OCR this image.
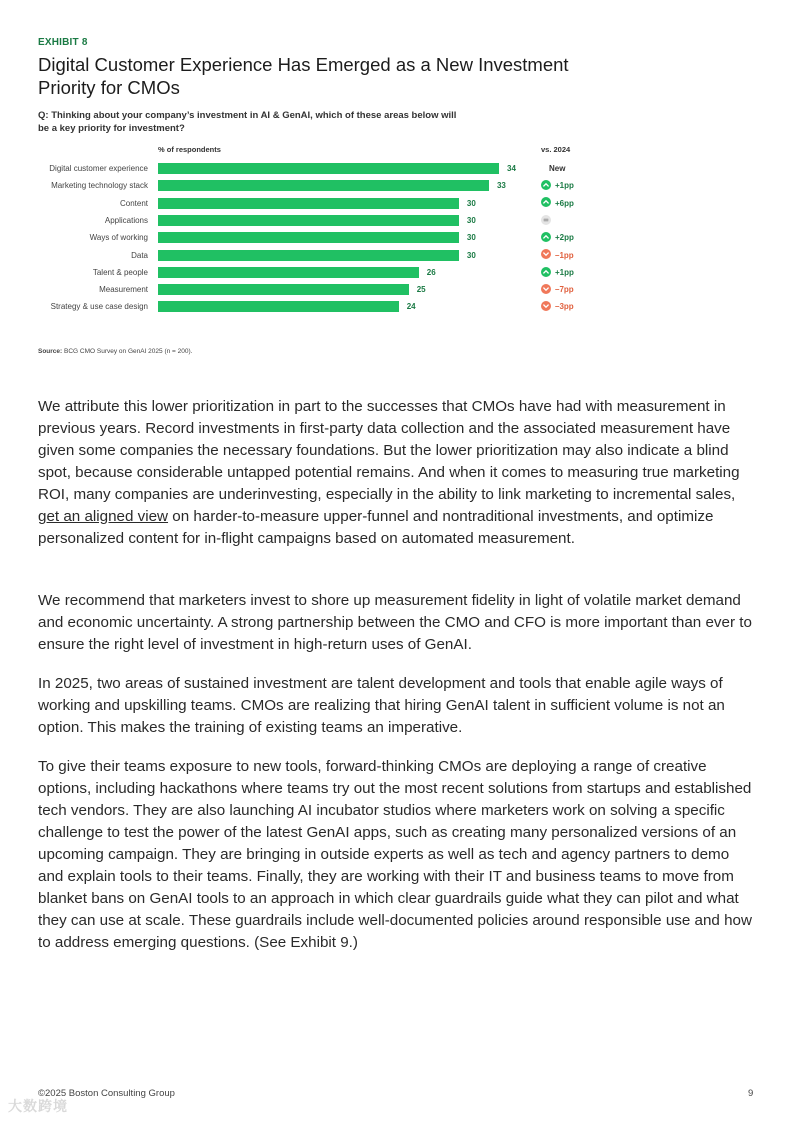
EXHIBIT 8
Digital Customer Experience Has Emerged as a New Investment Priority for CMOs
Q: Thinking about your company’s investment in AI & GenAI, which of these areas below will be a key priority for investment?
% of respondents	vs. 2024
Digital customer experience	34	New
Marketing technology stack	33	+1pp
Content	30	+6pp
Applications	30
Ways of working	30	+2pp
Data	30	–1pp
Talent & people	26	+1pp
Measurement	25	–7pp
Strategy & use case design	24	–3pp
Source: BCG CMO Survey on GenAI 2025 (n = 200).

We attribute this lower prioritization in part to the successes that CMOs have had with measurement in previous years. Record investments in first-party data collection and the associated measurement have given some companies the necessary foundations. But the lower prioritization may also indicate a blind spot, because considerable untapped potential remains. And when it comes to measuring true marketing ROI, many companies are underinvesting, especially in the ability to link marketing to incremental sales, get an aligned view on harder-to-measure upper-funnel and nontraditional investments, and optimize personalized content for in-flight campaigns based on automated measurement.

We recommend that marketers invest to shore up measurement fidelity in light of volatile market demand and economic uncertainty. A strong partnership between the CMO and CFO is more important than ever to ensure the right level of investment in high-return uses of GenAI.

In 2025, two areas of sustained investment are talent development and tools that enable agile ways of working and upskilling teams. CMOs are realizing that hiring GenAI talent in sufficient volume is not an option. This makes the training of existing teams an imperative.

To give their teams exposure to new tools, forward-thinking CMOs are deploying a range of creative options, including hackathons where teams try out the most recent solutions from startups and established tech vendors. They are also launching AI incubator studios where marketers work on solving a specific challenge to test the power of the latest GenAI apps, such as creating many personalized versions of an upcoming campaign. They are bringing in outside experts as well as tech and agency partners to demo and explain tools to their teams. Finally, they are working with their IT and business teams to move from blanket bans on GenAI tools to an approach in which clear guardrails guide what they can pilot and what they can use at scale. These guardrails include well-documented policies around responsible use and how to address emerging questions. (See Exhibit 9.)

©2025 Boston Consulting Group	9
大数跨境
